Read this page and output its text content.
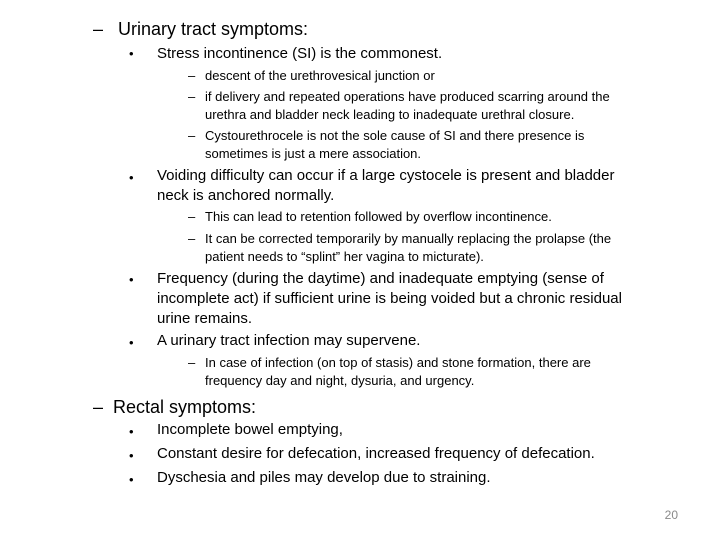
– Urinary tract symptoms:
• Stress incontinence (SI) is the commonest.
– descent of the urethrovesical junction or
– if delivery and repeated operations have produced scarring around the
urethra and bladder neck leading to inadequate urethral closure.
– Cystourethrocele is not the sole cause of SI and there presence is
sometimes is just a mere association.
• Voiding difficulty can occur if a large cystocele is present and bladder
neck is anchored normally.
– This can lead to retention followed by overflow incontinence.
– It can be corrected temporarily by manually replacing the prolapse (the
patient needs to “splint” her vagina to micturate).
• Frequency (during the daytime) and inadequate emptying (sense of
incomplete act) if sufficient urine is being voided but a chronic residual
urine remains.
• A urinary tract infection may supervene.
– In case of infection (on top of stasis) and stone formation, there are
frequency day and night, dysuria, and urgency.
– Rectal symptoms:
• Incomplete bowel emptying,
• Constant desire for defecation, increased frequency of defecation.
• Dyschesia and piles may develop due to straining.
20
